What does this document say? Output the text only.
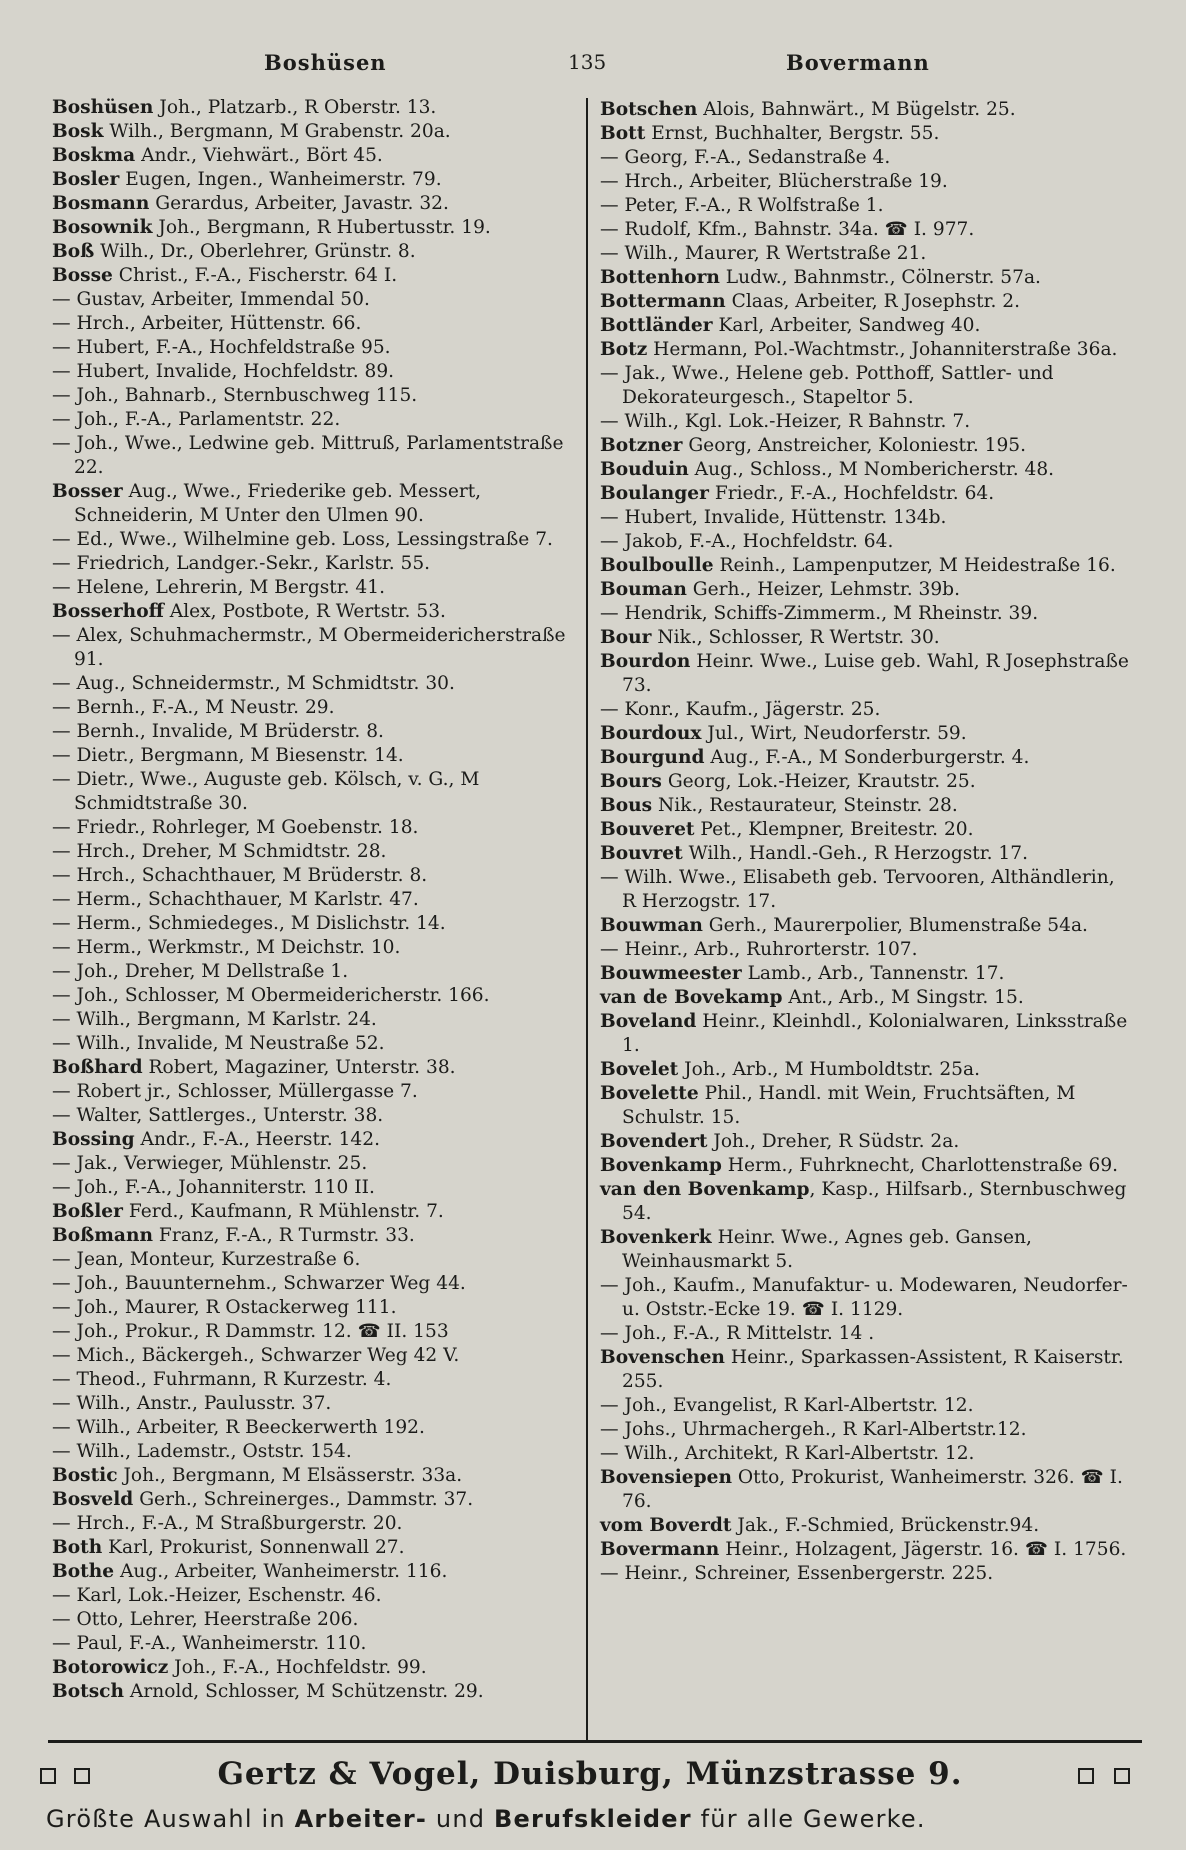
Boshüsen	135	Bovermann

Boshüsen Joh., Platzarb., R Oberstr. 13.

Bosk Wilh., Bergmann, M Grabenstr. 20a.

Boskma Andr., Viehwärt., Bört 45.

Bosler Eugen, Ingen., Wanheimerstr. 79.

Bosmann Gerardus, Arbeiter, Javastr. 32.

Bosownik Joh., Bergmann, R Hubertusstr. 19.

Boß Wilh., Dr., Oberlehrer, Grünstr. 8.

Bosse Christ., F.-A., Fischerstr. 64 I.

— Gustav, Arbeiter, Immendal 50.

— Hrch., Arbeiter, Hüttenstr. 66.

— Hubert, F.-A., Hochfeldstraße 95.

— Hubert, Invalide, Hochfeldstr. 89.

— Joh., Bahnarb., Sternbuschweg 115.

— Joh., F.-A., Parlamentstr. 22.

— Joh., Wwe., Ledwine geb. Mittruß, Parlamentstraße 22.

Bosser Aug., Wwe., Friederike geb. Messert, Schneiderin, M Unter den Ulmen 90.

— Ed., Wwe., Wilhelmine geb. Loss, Lessingstraße 7.

— Friedrich, Landger.-Sekr., Karlstr. 55.

— Helene, Lehrerin, M Bergstr. 41.

Bosserhoff Alex, Postbote, R Wertstr. 53.

— Alex, Schuhmachermstr., M Obermeidericherstraße 91.

— Aug., Schneidermstr., M Schmidtstr. 30.

— Bernh., F.-A., M Neustr. 29.

— Bernh., Invalide, M Brüderstr. 8.

— Dietr., Bergmann, M Biesenstr. 14.

— Dietr., Wwe., Auguste geb. Kölsch, v. G., M Schmidtstraße 30.

— Friedr., Rohrleger, M Goebenstr. 18.

— Hrch., Dreher, M Schmidtstr. 28.

— Hrch., Schachthauer, M Brüderstr. 8.

— Herm., Schachthauer, M Karlstr. 47.

— Herm., Schmiedeges., M Dislichstr. 14.

— Herm., Werkmstr., M Deichstr. 10.

— Joh., Dreher, M Dellstraße 1.

— Joh., Schlosser, M Obermeidericherstr. 166.

— Wilh., Bergmann, M Karlstr. 24.

— Wilh., Invalide, M Neustraße 52.

Boßhard Robert, Magaziner, Unterstr. 38.

— Robert jr., Schlosser, Müllergasse 7.

— Walter, Sattlerges., Unterstr. 38.

Bossing Andr., F.-A., Heerstr. 142.

— Jak., Verwieger, Mühlenstr. 25.

— Joh., F.-A., Johanniterstr. 110 II.

Boßler Ferd., Kaufmann, R Mühlenstr. 7.

Boßmann Franz, F.-A., R Turmstr. 33.

— Jean, Monteur, Kurzestraße 6.

— Joh., Bauunternehm., Schwarzer Weg 44.

— Joh., Maurer, R Ostackerweg 111.

— Joh., Prokur., R Dammstr. 12. ☎ II. 153

— Mich., Bäckergeh., Schwarzer Weg 42 V.

— Theod., Fuhrmann, R Kurzestr. 4.

— Wilh., Anstr., Paulusstr. 37.

— Wilh., Arbeiter, R Beeckerwerth 192.

— Wilh., Lademstr., Oststr. 154.

Bostic Joh., Bergmann, M Elsässerstr. 33a.

Bosveld Gerh., Schreinerges., Dammstr. 37.

— Hrch., F.-A., M Straßburgerstr. 20.

Both Karl, Prokurist, Sonnenwall 27.

Bothe Aug., Arbeiter, Wanheimerstr. 116.

— Karl, Lok.-Heizer, Eschenstr. 46.

— Otto, Lehrer, Heerstraße 206.

— Paul, F.-A., Wanheimerstr. 110.

Botorowicz Joh., F.-A., Hochfeldstr. 99.

Botsch Arnold, Schlosser, M Schützenstr. 29.

Botschen Alois, Bahnwärt., M Bügelstr. 25.

Bott Ernst, Buchhalter, Bergstr. 55.

— Georg, F.-A., Sedanstraße 4.

— Hrch., Arbeiter, Blücherstraße 19.

— Peter, F.-A., R Wolfstraße 1.

— Rudolf, Kfm., Bahnstr. 34a. ☎ I. 977.

— Wilh., Maurer, R Wertstraße 21.

Bottenhorn Ludw., Bahnmstr., Cölnerstr. 57a.

Bottermann Claas, Arbeiter, R Josephstr. 2.

Bottländer Karl, Arbeiter, Sandweg 40.

Botz Hermann, Pol.-Wachtmstr., Johanniterstraße 36a.

— Jak., Wwe., Helene geb. Potthoff, Sattler- und Dekorateurgesch., Stapeltor 5.

— Wilh., Kgl. Lok.-Heizer, R Bahnstr. 7.

Botzner Georg, Anstreicher, Koloniestr. 195.

Bouduin Aug., Schloss., M Nombericherstr. 48.

Boulanger Friedr., F.-A., Hochfeldstr. 64.

— Hubert, Invalide, Hüttenstr. 134b.

— Jakob, F.-A., Hochfeldstr. 64.

Boulboulle Reinh., Lampenputzer, M Heidestraße 16.

Bouman Gerh., Heizer, Lehmstr. 39b.

— Hendrik, Schiffs-Zimmerm., M Rheinstr. 39.

Bour Nik., Schlosser, R Wertstr. 30.

Bourdon Heinr. Wwe., Luise geb. Wahl, R Josephstraße 73.

— Konr., Kaufm., Jägerstr. 25.

Bourdoux Jul., Wirt, Neudorferstr. 59.

Bourgund Aug., F.-A., M Sonderburgerstr. 4.

Bours Georg, Lok.-Heizer, Krautstr. 25.

Bous Nik., Restaurateur, Steinstr. 28.

Bouveret Pet., Klempner, Breitestr. 20.

Bouvret Wilh., Handl.-Geh., R Herzogstr. 17.

— Wilh. Wwe., Elisabeth geb. Tervooren, Althändlerin, R Herzogstr. 17.

Bouwman Gerh., Maurerpolier, Blumenstraße 54a.

— Heinr., Arb., Ruhrorterstr. 107.

Bouwmeester Lamb., Arb., Tannenstr. 17.

van de Bovekamp Ant., Arb., M Singstr. 15.

Boveland Heinr., Kleinhdl., Kolonialwaren, Linksstraße 1.

Bovelet Joh., Arb., M Humboldtstr. 25a.

Bovelette Phil., Handl. mit Wein, Fruchtsäften, M Schulstr. 15.

Bovendert Joh., Dreher, R Südstr. 2a.

Bovenkamp Herm., Fuhrknecht, Charlottenstraße 69.

van den Bovenkamp, Kasp., Hilfsarb., Sternbuschweg 54.

Bovenkerk Heinr. Wwe., Agnes geb. Gansen, Weinhausmarkt 5.

— Joh., Kaufm., Manufaktur- u. Modewaren, Neudorfer- u. Oststr.-Ecke 19. ☎ I. 1129.

— Joh., F.-A., R Mittelstr. 14 .

Bovenschen Heinr., Sparkassen-Assistent, R Kaiserstr. 255.

— Joh., Evangelist, R Karl-Albertstr. 12.

— Johs., Uhrmachergeh., R Karl-Albertstr.12.

— Wilh., Architekt, R Karl-Albertstr. 12.

Bovensiepen Otto, Prokurist, Wanheimerstr. 326. ☎ I. 76.

vom Boverdt Jak., F.-Schmied, Brückenstr.94.

Bovermann Heinr., Holzagent, Jägerstr. 16. ☎ I. 1756.

— Heinr., Schreiner, Essenbergerstr. 225.

Gertz & Vogel, Duisburg, Münzstrasse 9.
Größte Auswahl in Arbeiter- und Berufskleider für alle Gewerke.
